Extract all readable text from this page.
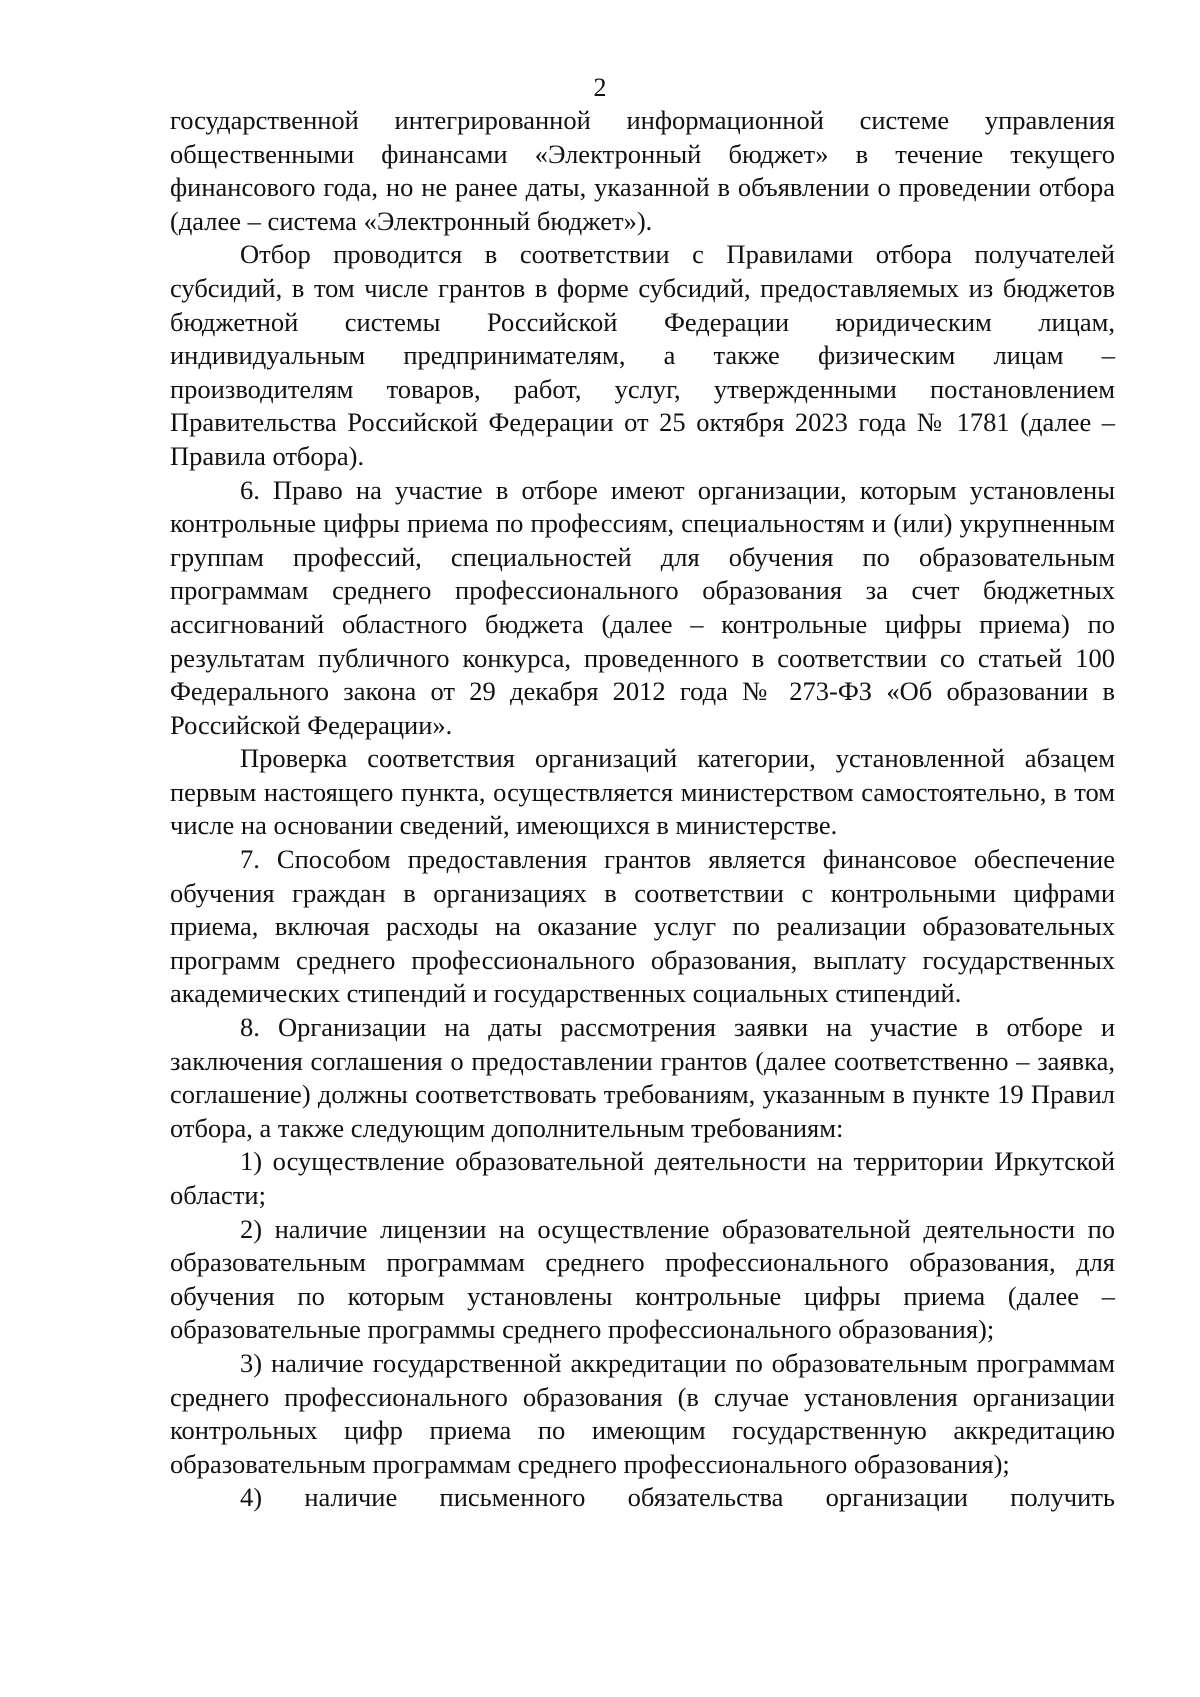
2

государственной интегрированной информационной системе управления общественными финансами «Электронный бюджет» в течение текущего финансового года, но не ранее даты, указанной в объявлении о проведении отбора (далее – система «Электронный бюджет»).

Отбор проводится в соответствии с Правилами отбора получателей субсидий, в том числе грантов в форме субсидий, предоставляемых из бюджетов бюджетной системы Российской Федерации юридическим лицам, индивидуальным предпринимателям, а также физическим лицам – производителям товаров, работ, услуг, утвержденными постановлением Правительства Российской Федерации от 25 октября 2023 года № 1781 (далее – Правила отбора).

6. Право на участие в отборе имеют организации, которым установлены контрольные цифры приема по профессиям, специальностям и (или) укрупненным группам профессий, специальностей для обучения по образовательным программам среднего профессионального образования за счет бюджетных ассигнований областного бюджета (далее – контрольные цифры приема) по результатам публичного конкурса, проведенного в соответствии со статьей 100 Федерального закона от 29 декабря 2012 года № 273-ФЗ «Об образовании в Российской Федерации».

Проверка соответствия организаций категории, установленной абзацем первым настоящего пункта, осуществляется министерством самостоятельно, в том числе на основании сведений, имеющихся в министерстве.

7. Способом предоставления грантов является финансовое обеспечение обучения граждан в организациях в соответствии с контрольными цифрами приема, включая расходы на оказание услуг по реализации образовательных программ среднего профессионального образования, выплату государственных академических стипендий и государственных социальных стипендий.

8. Организации на даты рассмотрения заявки на участие в отборе и заключения соглашения о предоставлении грантов (далее соответственно – заявка, соглашение) должны соответствовать требованиям, указанным в пункте 19 Правил отбора, а также следующим дополнительным требованиям:

1) осуществление образовательной деятельности на территории Иркутской области;

2) наличие лицензии на осуществление образовательной деятельности по образовательным программам среднего профессионального образования, для обучения по которым установлены контрольные цифры приема (далее – образовательные программы среднего профессионального образования);

3) наличие государственной аккредитации по образовательным программам среднего профессионального образования (в случае установления организации контрольных цифр приема по имеющим государственную аккредитацию образовательным программам среднего профессионального образования);

4) наличие письменного обязательства организации получить
